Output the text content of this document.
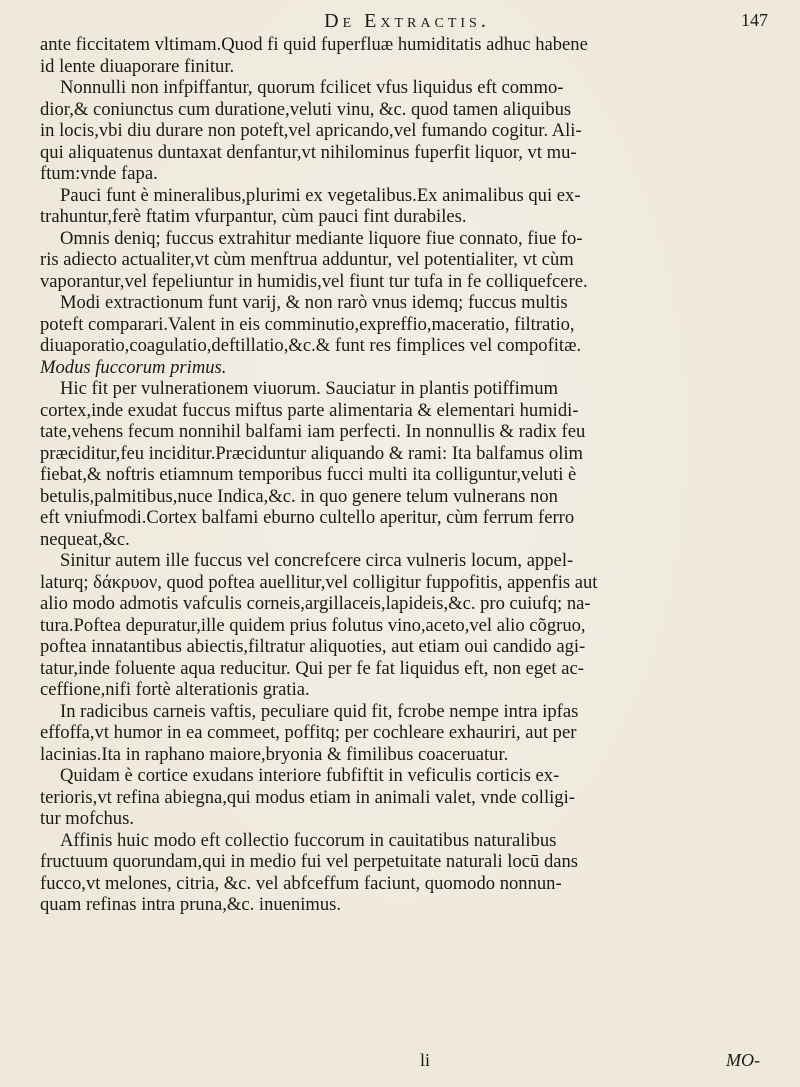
De Extractis.	147
ante ficcitatem vltimam.Quod fi quid fuperfluæ humiditatis adhuc habene
id lente diuaporare finitur.
Nonnulli non infpiffantur, quorum fcilicet vfus liquidus eft commo-
dior,& coniunctus cum duratione,veluti vinu, &c. quod tamen aliquibus
in locis,vbi diu durare non poteft,vel apricando,vel fumando cogitur. Ali-
qui aliquatenus duntaxat denfantur,vt nihilominus fuperfit liquor, vt mu-
ftum:vnde fapa.
Pauci funt è mineralibus,plurimi ex vegetalibus.Ex animalibus qui ex-
trahuntur,ferè ftatim vfurpantur, cùm pauci fint durabiles.
Omnis deniq; fuccus extrahitur mediante liquore fiue connato, fiue fo-
ris adiecto actualiter,vt cùm menftrua adduntur, vel potentialiter, vt cùm
vaporantur,vel fepeliuntur in humidis,vel fiunt tur tufa in fe colliquefcere.
Modi extractionum funt varij, & non rarò vnus idemq; fuccus multis
poteft comparari.Valent in eis comminutio,expreffio,maceratio, filtratio,
diuaporatio,coagulatio,deftillatio,&c.& funt res fimplices vel compofitæ.
Modus fuccorum primus.
Hic fit per vulnerationem viuorum. Sauciatur in plantis potiffimum
cortex,inde exudat fuccus miftus parte alimentaria & elementari humidi-
tate,vehens fecum nonnihil balfami iam perfecti. In nonnullis & radix feu
præciditur,feu inciditur.Præciduntur aliquando & rami: Ita balfamus olim
fiebat,& noftris etiamnum temporibus fucci multi ita colliguntur,veluti è
betulis,palmitibus,nuce Indica,&c. in quo genere telum vulnerans non
eft vniufmodi.Cortex balfami eburno cultello aperitur, cùm ferrum ferro
nequeat,&c.
Sinitur autem ille fuccus vel concrefcere circa vulneris locum, appel-
laturq; δάκρυον, quod poftea auellitur,vel colligitur fuppofitis, appenfis aut
alio modo admotis vafculis corneis,argillaceis,lapideis,&c. pro cuiufq; na-
tura.Poftea depuratur,ille quidem prius folutus vino,aceto,vel alio cõgruo,
poftea innatantibus abiectis,filtratur aliquoties, aut etiam oui candido agi-
tatur,inde foluente aqua reducitur. Qui per fe fat liquidus eft, non eget ac-
ceffione,nifi fortè alterationis gratia.
In radicibus carneis vaftis, peculiare quid fit, fcrobe nempe intra ipfas
effoffa,vt humor in ea commeet, poffitq; per cochleare exhauriri, aut per
lacinias.Ita in raphano maiore,bryonia & fimilibus coaceruatur.
Quidam è cortice exudans interiore fubfiftit in veficulis corticis ex-
terioris,vt refina abiegna,qui modus etiam in animali valet, vnde colligi-
tur mofchus.
Affinis huic modo eft collectio fuccorum in cauitatibus naturalibus
fructuum quorundam,qui in medio fui vel perpetuitate naturali locū dans
fucco,vt melones, citria, &c. vel abfceffum faciunt, quomodo nonnun-
quam refinas intra pruna,&c. inuenimus.
li	MO-
